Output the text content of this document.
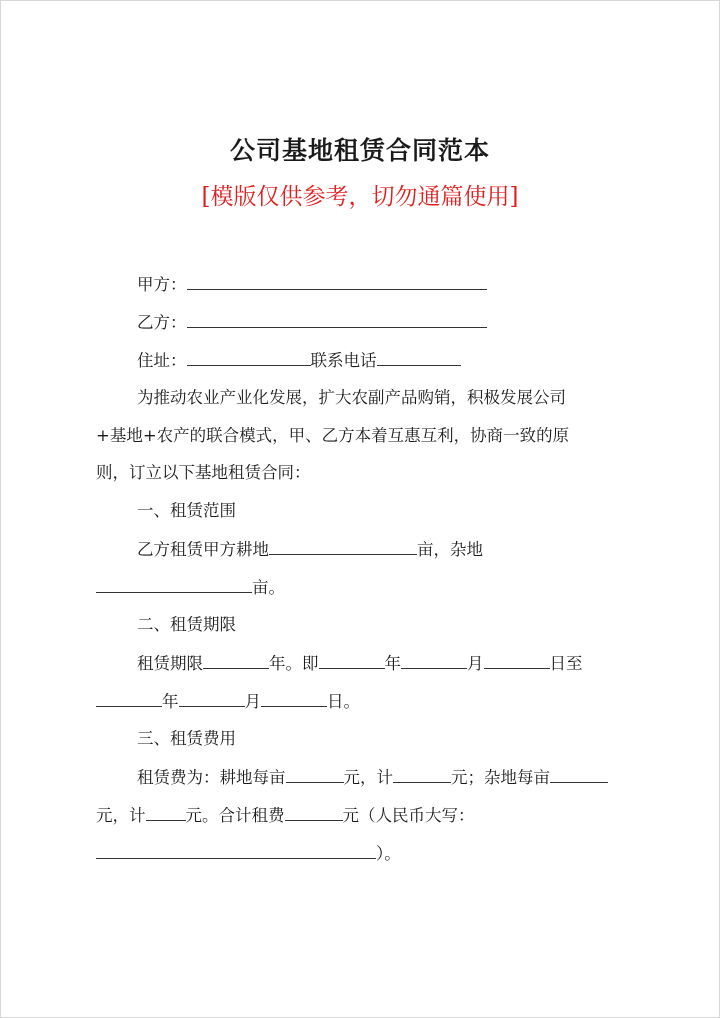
公司基地租赁合同范本
[模版仅供参考，切勿通篇使用]
甲方：
乙方：
住址：	联系电话
为推动农业产业化发展，扩大农副产品购销，积极发展公司
+基地+农产的联合模式，甲、乙方本着互惠互利，协商一致的原
则，订立以下基地租赁合同：
一、租赁范围
乙方租赁甲方耕地	亩，杂地
亩。
二、租赁期限
租赁期限	年。即	年	月	日至
年	月	日。
三、租赁费用
租赁费为：耕地每亩	元，计	元；杂地每亩
元，计 元。合计租费	元（人民币大写：
）。
